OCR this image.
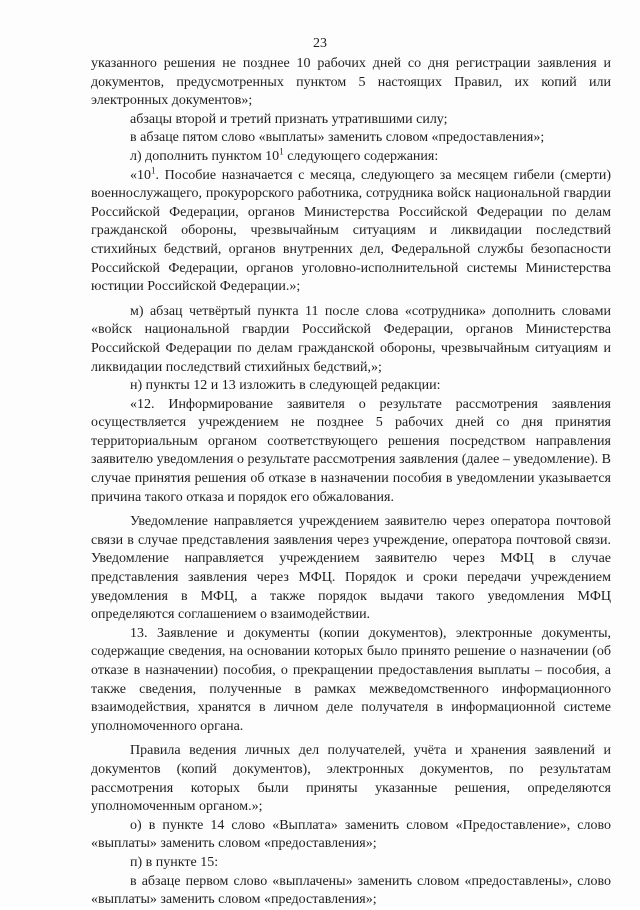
23

указанного решения не позднее 10 рабочих дней со дня регистрации заявления и документов, предусмотренных пунктом 5 настоящих Правил, их копий или электронных документов»;

абзацы второй и третий признать утратившими силу;

в абзаце пятом слово «выплаты» заменить словом «предоставления»;

л) дополнить пунктом $10^1$ следующего содержания:

«$10^1$. Пособие назначается с месяца, следующего за месяцем гибели (смерти) военнослужащего, прокурорского работника, сотрудника войск национальной гвардии Российской Федерации, органов Министерства Российской Федерации по делам гражданской обороны, чрезвычайным ситуациям и ликвидации последствий стихийных бедствий, органов внутренних дел, Федеральной службы безопасности Российской Федерации, органов уголовно-исполнительной системы Министерства юстиции Российской Федерации.»;

м) абзац четвёртый пункта 11 после слова «сотрудника» дополнить словами «войск национальной гвардии Российской Федерации, органов Министерства Российской Федерации по делам гражданской обороны, чрезвычайным ситуациям и ликвидации последствий стихийных бедствий,»;

н) пункты 12 и 13 изложить в следующей редакции:

«12. Информирование заявителя о результате рассмотрения заявления осуществляется учреждением не позднее 5 рабочих дней со дня принятия территориальным органом соответствующего решения посредством направления заявителю уведомления о результате рассмотрения заявления (далее – уведомление). В случае принятия решения об отказе в назначении пособия в уведомлении указывается причина такого отказа и порядок его обжалования.

Уведомление направляется учреждением заявителю через оператора почтовой связи в случае представления заявления через учреждение, оператора почтовой связи. Уведомление направляется учреждением заявителю через МФЦ в случае представления заявления через МФЦ. Порядок и сроки передачи учреждением уведомления в МФЦ, а также порядок выдачи такого уведомления МФЦ определяются соглашением о взаимодействии.

13. Заявление и документы (копии документов), электронные документы, содержащие сведения, на основании которых было принято решение о назначении (об отказе в назначении) пособия, о прекращении предоставления выплаты – пособия, а также сведения, полученные в рамках межведомственного информационного взаимодействия, хранятся в личном деле получателя в информационной системе уполномоченного органа.

Правила ведения личных дел получателей, учёта и хранения заявлений и документов (копий документов), электронных документов, по результатам рассмотрения которых были приняты указанные решения, определяются уполномоченным органом.»;

о) в пункте 14 слово «Выплата» заменить словом «Предоставление», слово «выплаты» заменить словом «предоставления»;

п) в пункте 15:

в абзаце первом слово «выплачены» заменить словом «предоставлены», слово «выплаты» заменить словом «предоставления»;
